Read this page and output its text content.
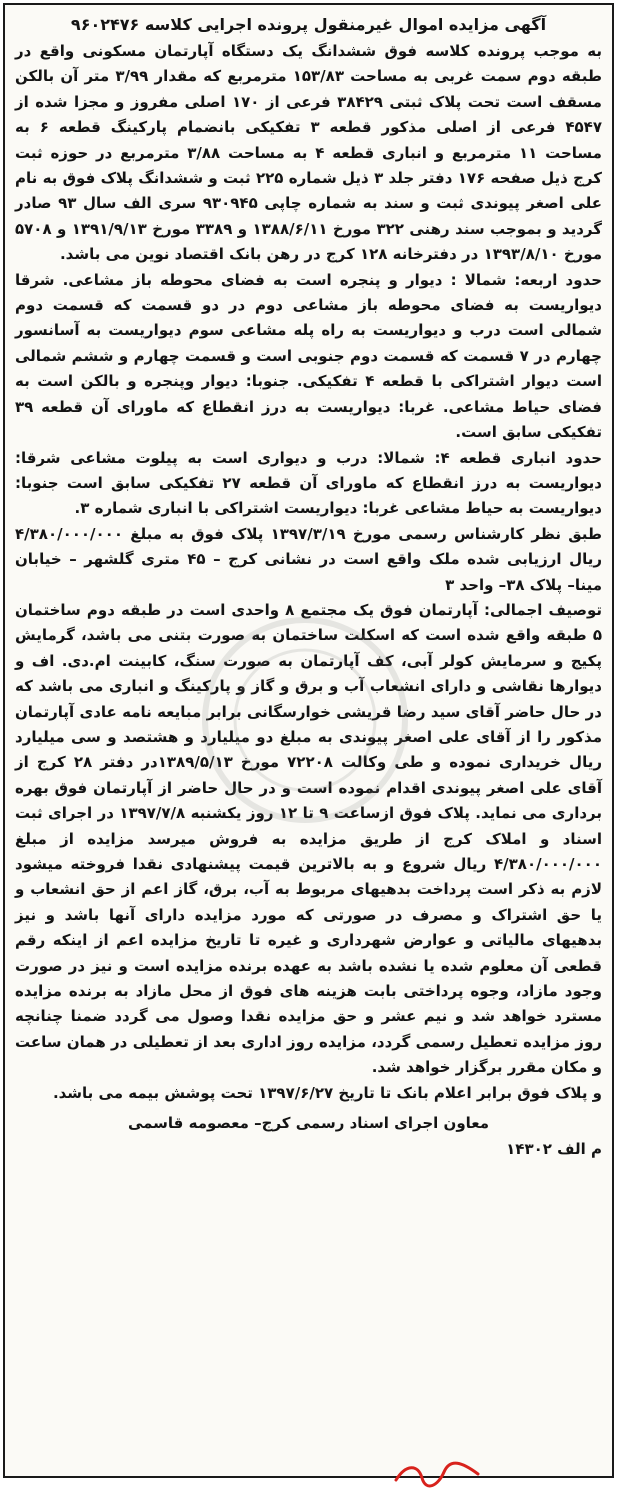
آگهی مزایده اموال غیرمنقول پرونده اجرایی کلاسه ۹۶۰۲۴۷۶

به موجب پرونده کلاسه فوق ششدانگ یک دستگاه آپارتمان مسکونی واقع در طبقه دوم سمت غربی به مساحت ۱۵۳/۸۳ مترمربع که مقدار ۳/۹۹ متر آن بالکن مسقف است تحت پلاک ثبتی ۳۸۴۲۹ فرعی از ۱۷۰ اصلی مفروز و مجزا شده از ۴۵۴۷ فرعی از اصلی مذکور قطعه ۳ تفکیکی بانضمام پارکینگ قطعه ۶ به مساحت ۱۱ مترمربع و انباری قطعه ۴ به مساحت ۳/۸۸ مترمربع در حوزه ثبت کرج ذیل صفحه ۱۷۶ دفتر جلد ۳ ذیل شماره ۲۲۵ ثبت و ششدانگ پلاک فوق به نام علی اصغر پیوندی ثبت و سند به شماره چاپی ۹۳۰۹۴۵ سری الف سال ۹۳ صادر گردید و بموجب سند رهنی ۳۲۲ مورخ ۱۳۸۸/۶/۱۱ و ۳۳۸۹ مورخ ۱۳۹۱/۹/۱۳ و ۵۷۰۸ مورخ ۱۳۹۳/۸/۱۰ در دفترخانه ۱۲۸ کرج در رهن بانک اقتصاد نوین می باشد.

حدود اربعه: شمالا : دیوار و پنجره است به فضای محوطه باز مشاعی. شرقا دیواریست به فضای محوطه باز مشاعی دوم در دو قسمت که قسمت دوم شمالی است درب و دیواریست به راه پله مشاعی سوم دیواریست به آسانسور چهارم در ۷ قسمت که قسمت دوم جنوبی است و قسمت چهارم و ششم شمالی است دیوار اشتراکی با قطعه ۴ تفکیکی. جنوبا: دیوار وپنجره و بالکن است به فضای حیاط مشاعی. غربا: دیواریست به درز انقطاع که ماورای آن قطعه ۳۹ تفکیکی سابق است.

حدود انباری قطعه ۴: شمالا: درب و دیواری است به پیلوت مشاعی شرقا: دیواریست به درز انقطاع که ماورای آن قطعه ۲۷ تفکیکی سابق است جنوبا: دیواریست به حیاط مشاعی غربا: دیواریست اشتراکی با انباری شماره ۳.

طبق نظر کارشناس رسمی مورخ ۱۳۹۷/۳/۱۹ پلاک فوق به مبلغ ۴/۳۸۰/۰۰۰/۰۰۰ ریال ارزیابی شده ملک واقع است در نشانی کرج – ۴۵ متری گلشهر – خیابان مینا– پلاک ۳۸– واحد ۳

توصیف اجمالی: آپارتمان فوق یک مجتمع ۸ واحدی است در طبقه دوم ساختمان ۵ طبقه واقع شده است که اسکلت ساختمان به صورت بتنی می باشد، گرمایش پکیج و سرمایش کولر آبی، کف آپارتمان به صورت سنگ، کابینت ام.دی. اف و دیوارها نقاشی و دارای انشعاب آب و برق و گاز و پارکینگ و انباری می باشد که در حال حاضر آقای سید رضا قریشی خوارسگانی برابر مبایعه نامه عادی آپارتمان مذکور را از آقای علی اصغر پیوندی به مبلغ دو میلیارد و هشتصد و سی میلیارد ریال خریداری نموده و طی وکالت ۷۲۲۰۸ مورخ ۱۳۸۹/۵/۱۳در دفتر ۲۸ کرج از آقای علی اصغر پیوندی اقدام نموده است و در حال حاضر از آپارتمان فوق بهره برداری می نماید. پلاک فوق ازساعت ۹ تا ۱۲ روز یکشنبه ۱۳۹۷/۷/۸ در اجرای ثبت اسناد و املاک کرج از طریق مزایده به فروش میرسد مزایده از مبلغ ۴/۳۸۰/۰۰۰/۰۰۰ ریال شروع و به بالاترین قیمت پیشنهادی نقدا فروخته میشود لازم به ذکر است پرداخت بدهیهای مربوط به آب، برق، گاز اعم از حق انشعاب و یا حق اشتراک و مصرف در صورتی که مورد مزایده دارای آنها باشد و نیز بدهیهای مالیاتی و عوارض شهرداری و غیره تا تاریخ مزایده اعم از اینکه رقم قطعی آن معلوم شده یا نشده باشد به عهده برنده مزایده است و نیز در صورت وجود مازاد، وجوه پرداختی بابت هزینه های فوق از محل مازاد به برنده مزایده مسترد خواهد شد و نیم عشر و حق مزایده نقدا وصول می گردد ضمنا چنانچه روز مزایده تعطیل رسمی گردد، مزایده روز اداری بعد از تعطیلی در همان ساعت و مکان مقرر برگزار خواهد شد.

و پلاک فوق برابر اعلام بانک تا تاریخ ۱۳۹۷/۶/۲۷ تحت پوشش بیمه می باشد.

معاون اجرای اسناد رسمی کرج– معصومه قاسمی
م الف ۱۴۳۰۲
